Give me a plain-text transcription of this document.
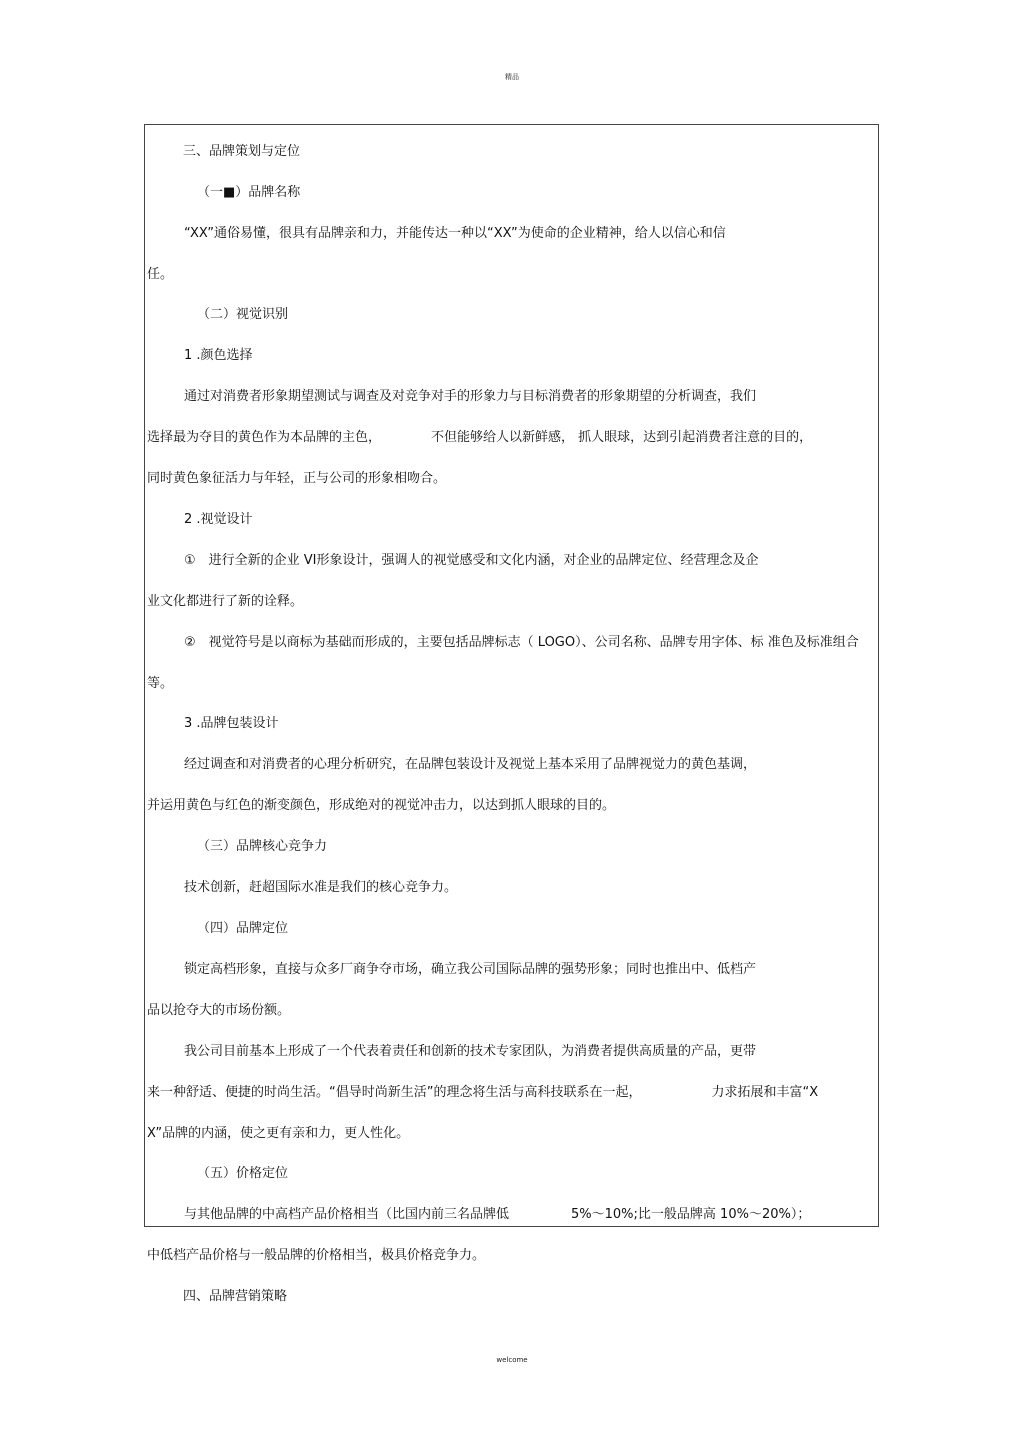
精品
三、品牌策划与定位
（一■）品牌名称
“XX”通俗易懂，很具有品牌亲和力，并能传达一种以“XX”为使命的企业精神，给人以信心和信
任。
（二）视觉识别
1 .颜色选择
通过对消费者形象期望测试与调查及对竞争对手的形象力与目标消费者的形象期望的分析调查，我们
选择最为夺目的黄色作为本品牌的主色，	不但能够给人以新鲜感， 抓人眼球，达到引起消费者注意的目的，
同时黄色象征活力与年轻，正与公司的形象相吻合。
2 .视觉设计
①　进行全新的企业 VI形象设计，强调人的视觉感受和文化内涵，对企业的品牌定位、经营理念及企
业文化都进行了新的诠释。
②　视觉符号是以商标为基础而形成的，主要包括品牌标志（ LOGO）、公司名称、品牌专用字体、标 准色及标准组合
等。
3 .品牌包装设计
经过调查和对消费者的心理分析研究，在品牌包装设计及视觉上基本采用了品牌视觉力的黄色基调，
并运用黄色与红色的渐变颜色，形成绝对的视觉冲击力，以达到抓人眼球的目的。
（三）品牌核心竞争力
技术创新，赶超国际水准是我们的核心竞争力。
（四）品牌定位
锁定高档形象，直接与众多厂商争夺市场，确立我公司国际品牌的强势形象；同时也推出中、低档产
品以抢夺大的市场份额。
我公司目前基本上形成了一个代表着责任和创新的技术专家团队，为消费者提供高质量的产品，更带
来一种舒适、便捷的时尚生活。“倡导时尚新生活”的理念将生活与高科技联系在一起，	力求拓展和丰富“X
X”品牌的内涵，使之更有亲和力，更人性化。
（五）价格定位
与其他品牌的中高档产品价格相当（比国内前三名品牌低	5%～10%;比一般品牌高 10%～20%）；
中低档产品价格与一般品牌的价格相当，极具价格竞争力。
四、品牌营销策略
welcome
